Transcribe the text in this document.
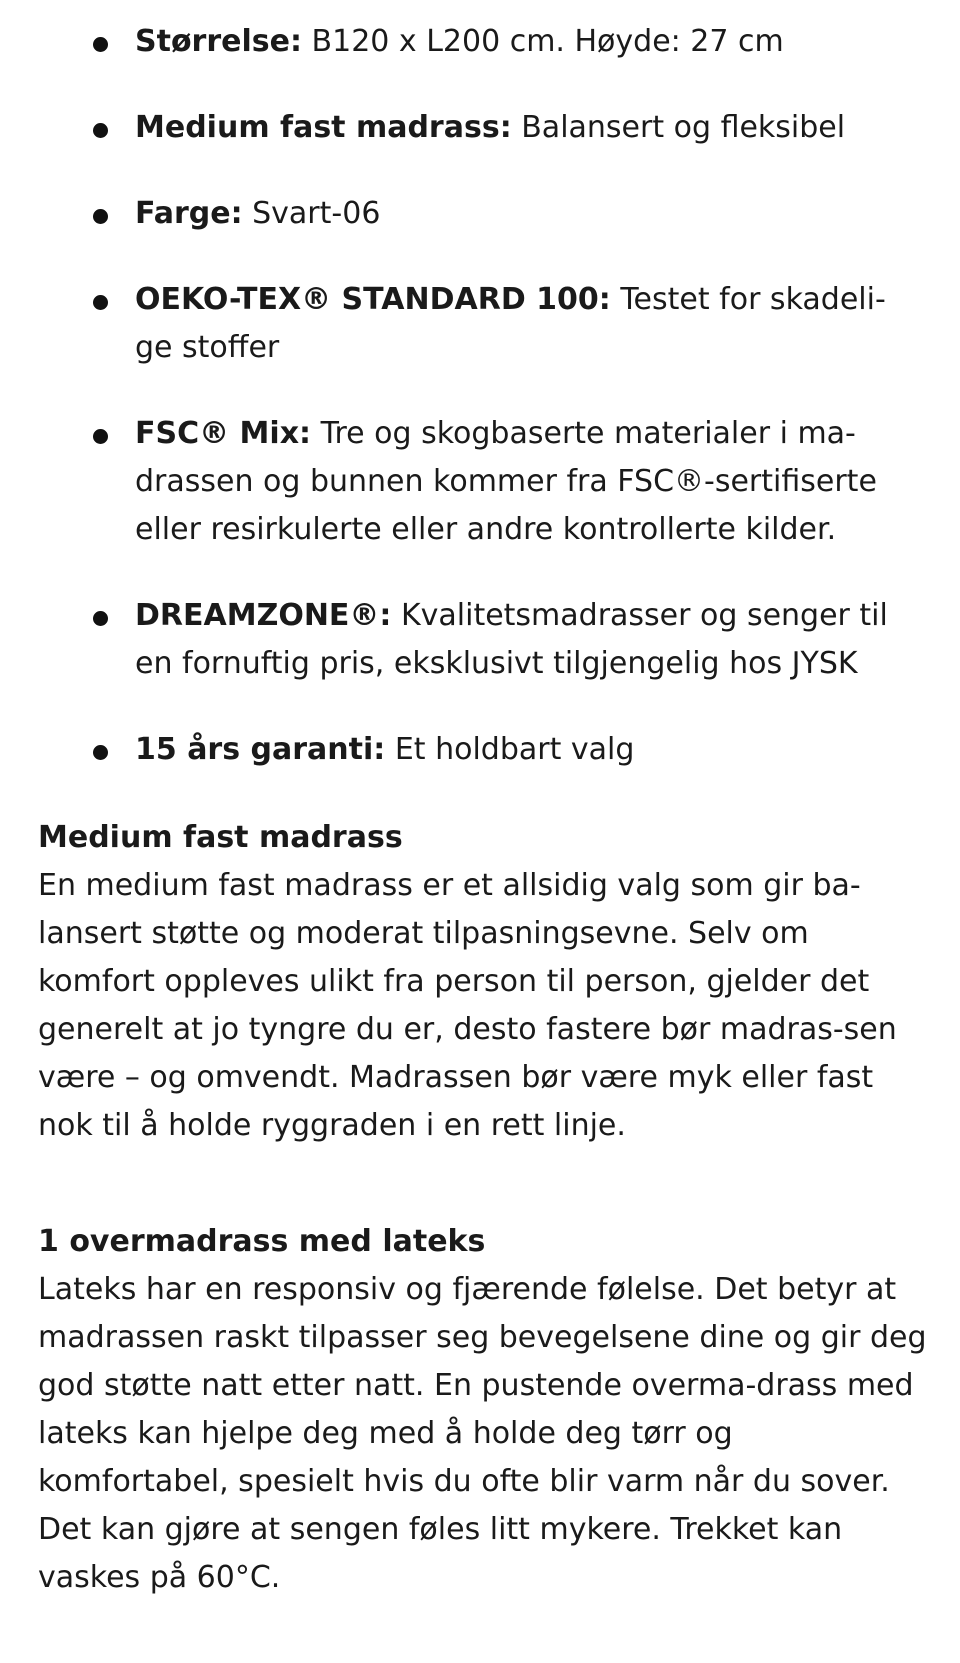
Størrelse: B120 x L200 cm. Høyde: 27 cm
Medium fast madrass: Balansert og fleksibel
Farge: Svart-06
OEKO-TEX® STANDARD 100: Testet for skadeli-ge stoffer
FSC® Mix: Tre og skogbaserte materialer i ma-drassen og bunnen kommer fra FSC®-sertifiserte eller resirkulerte eller andre kontrollerte kilder.
DREAMZONE®: Kvalitetsmadrasser og senger til en fornuftig pris, eksklusivt tilgjengelig hos JYSK
15 års garanti: Et holdbart valg
Medium fast madrass

En medium fast madrass er et allsidig valg som gir ba-lansert støtte og moderat tilpasningsevne. Selv om komfort oppleves ulikt fra person til person, gjelder det generelt at jo tyngre du er, desto fastere bør madras-sen være – og omvendt. Madrassen bør være myk eller fast nok til å holde ryggraden i en rett linje.

1 overmadrass med lateks

Lateks har en responsiv og fjærende følelse. Det betyr at madrassen raskt tilpasser seg bevegelsene dine og gir deg god støtte natt etter natt. En pustende overma-drass med lateks kan hjelpe deg med å holde deg tørr og komfortabel, spesielt hvis du ofte blir varm når du sover. Det kan gjøre at sengen føles litt mykere. Trekket kan vaskes på 60°C.
